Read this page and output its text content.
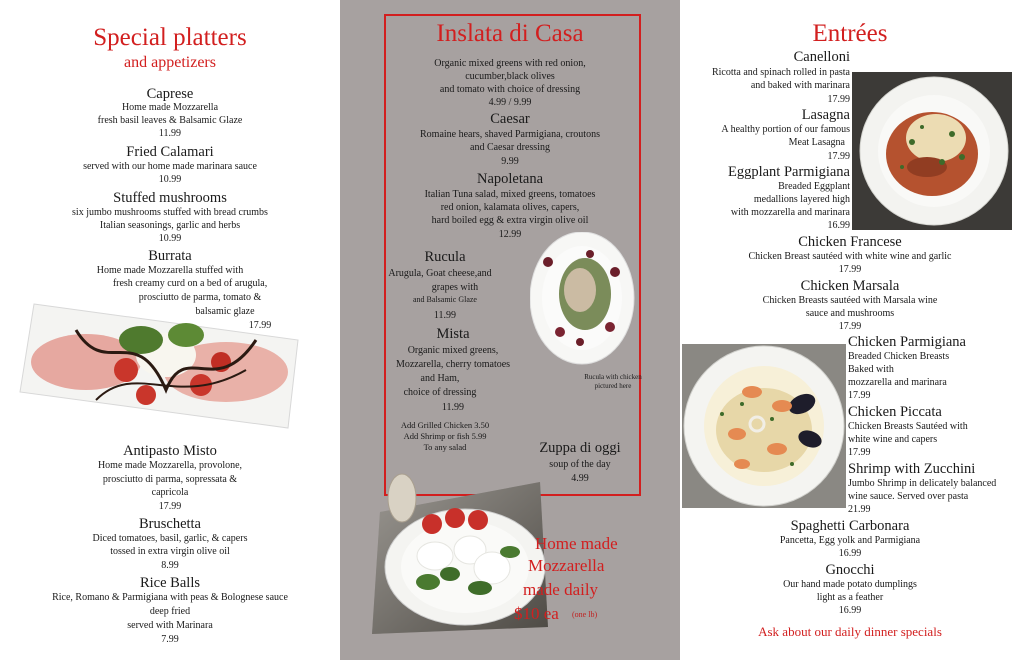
Special platters
and appetizers
Caprese
Home made Mozzarella
fresh basil leaves & Balsamic Glaze
11.99
Fried Calamari
served with our home made marinara sauce
10.99
Stuffed mushrooms
six jumbo mushrooms stuffed with bread crumbs
Italian seasonings, garlic and herbs
10.99
Burrata
Home made Mozzarella stuffed with
fresh creamy curd on a bed of arugula,
prosciutto de parma, tomato &
balsamic glaze
17.99
Antipasto Misto
Home made Mozzarella, provolone,
prosciutto di parma, sopressata &
capricola
17.99
Bruschetta
Diced tomatoes, basil, garlic, & capers
tossed in extra virgin olive oil
8.99
Rice Balls
Rice, Romano & Parmigiana with peas & Bolognese sauce
deep fried
served with Marinara
7.99
Inslata di Casa
Organic mixed greens with red onion,
cucumber,black olives
and tomato with choice of dressing
4.99 / 9.99
Caesar
Romaine hears, shaved Parmigiana, croutons
and Caesar dressing
9.99
Napoletana
Italian Tuna salad, mixed greens, tomatoes
red onion, kalamata olives, capers,
hard boiled egg & extra virgin olive oil
12.99
Rucula
Arugula, Goat cheese,and
grapes with
and Balsamic Glaze
11.99
Mista
Organic mixed greens,
Mozzarella, cherry tomatoes
and Ham,
choice of dressing
11.99
Rucula with chicken
pictured here
Add Grilled Chicken 3.50
Add Shrimp or fish 5.99
To any salad	Zuppa di oggi
soup of the day
4.99
Home made
Mozzarella
made daily
$10 ea	(one lb)
Entrées
Canelloni
Ricotta and spinach rolled in pasta
and baked with marinara
17.99
Lasagna
A healthy portion of our famous
Meat Lasagna
17.99
Eggplant Parmigiana
Breaded Eggplant
medallions layered high
with mozzarella and marinara
16.99
Chicken Francese
Chicken Breast sautéed with white wine and garlic
17.99
Chicken Marsala
Chicken Breasts sautéed with Marsala wine
sauce and mushrooms
17.99
Chicken Parmigiana
Breaded Chicken Breasts
Baked with
mozzarella and marinara
17.99
Chicken Piccata
Chicken Breasts Sautéed with
white wine and capers
17.99
Shrimp with Zucchini
Jumbo Shrimp in delicately balanced
wine sauce. Served over pasta
21.99
Spaghetti Carbonara
Pancetta, Egg yolk and Parmigiana
16.99
Gnocchi
Our hand made potato dumplings
light as a feather
16.99
Ask about our daily dinner specials
